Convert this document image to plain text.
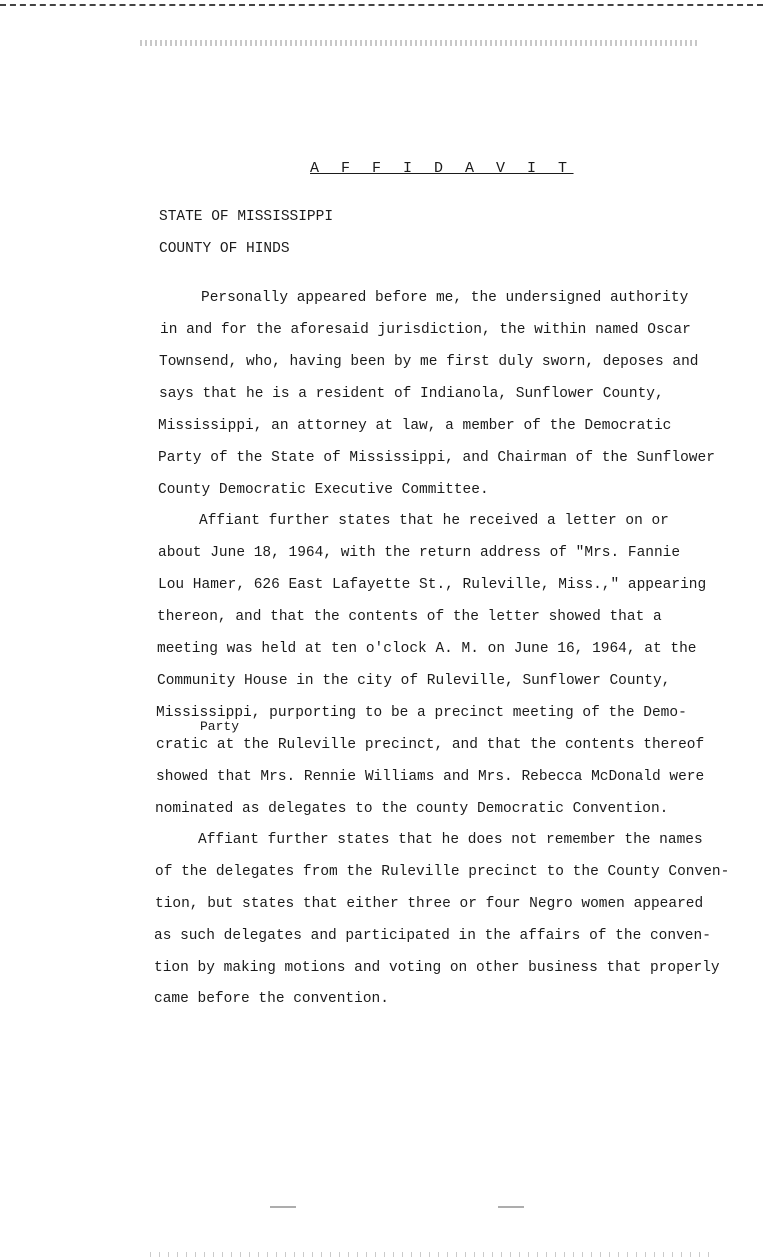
A F F I D A V I T
STATE OF MISSISSIPPI
COUNTY OF HINDS
Personally appeared before me, the undersigned authority
in and for the aforesaid jurisdiction, the within named Oscar
Townsend, who, having been by me first duly sworn, deposes and
says that he is a resident of Indianola, Sunflower County,
Mississippi, an attorney at law, a member of the Democratic
Party of the State of Mississippi, and Chairman of the Sunflower
County Democratic Executive Committee.
Affiant further states that he received a letter on or
about June 18, 1964, with the return address of "Mrs. Fannie
Lou Hamer, 626 East Lafayette St., Ruleville, Miss.," appearing
thereon, and that the contents of the letter showed that a
meeting was held at ten o'clock A. M. on June 16, 1964, at the
Community House in the city of Ruleville, Sunflower County,
Mississippi, purporting to be a precinct meeting of the Demo-
Party
cratic at the Ruleville precinct, and that the contents thereof
showed that Mrs. Rennie Williams and Mrs. Rebecca McDonald were
nominated as delegates to the county Democratic Convention.
Affiant further states that he does not remember the names
of the delegates from the Ruleville precinct to the County Conven-
tion, but states that either three or four Negro women appeared
as such delegates and participated in the affairs of the conven-
tion by making motions and voting on other business that properly
came before the convention.
